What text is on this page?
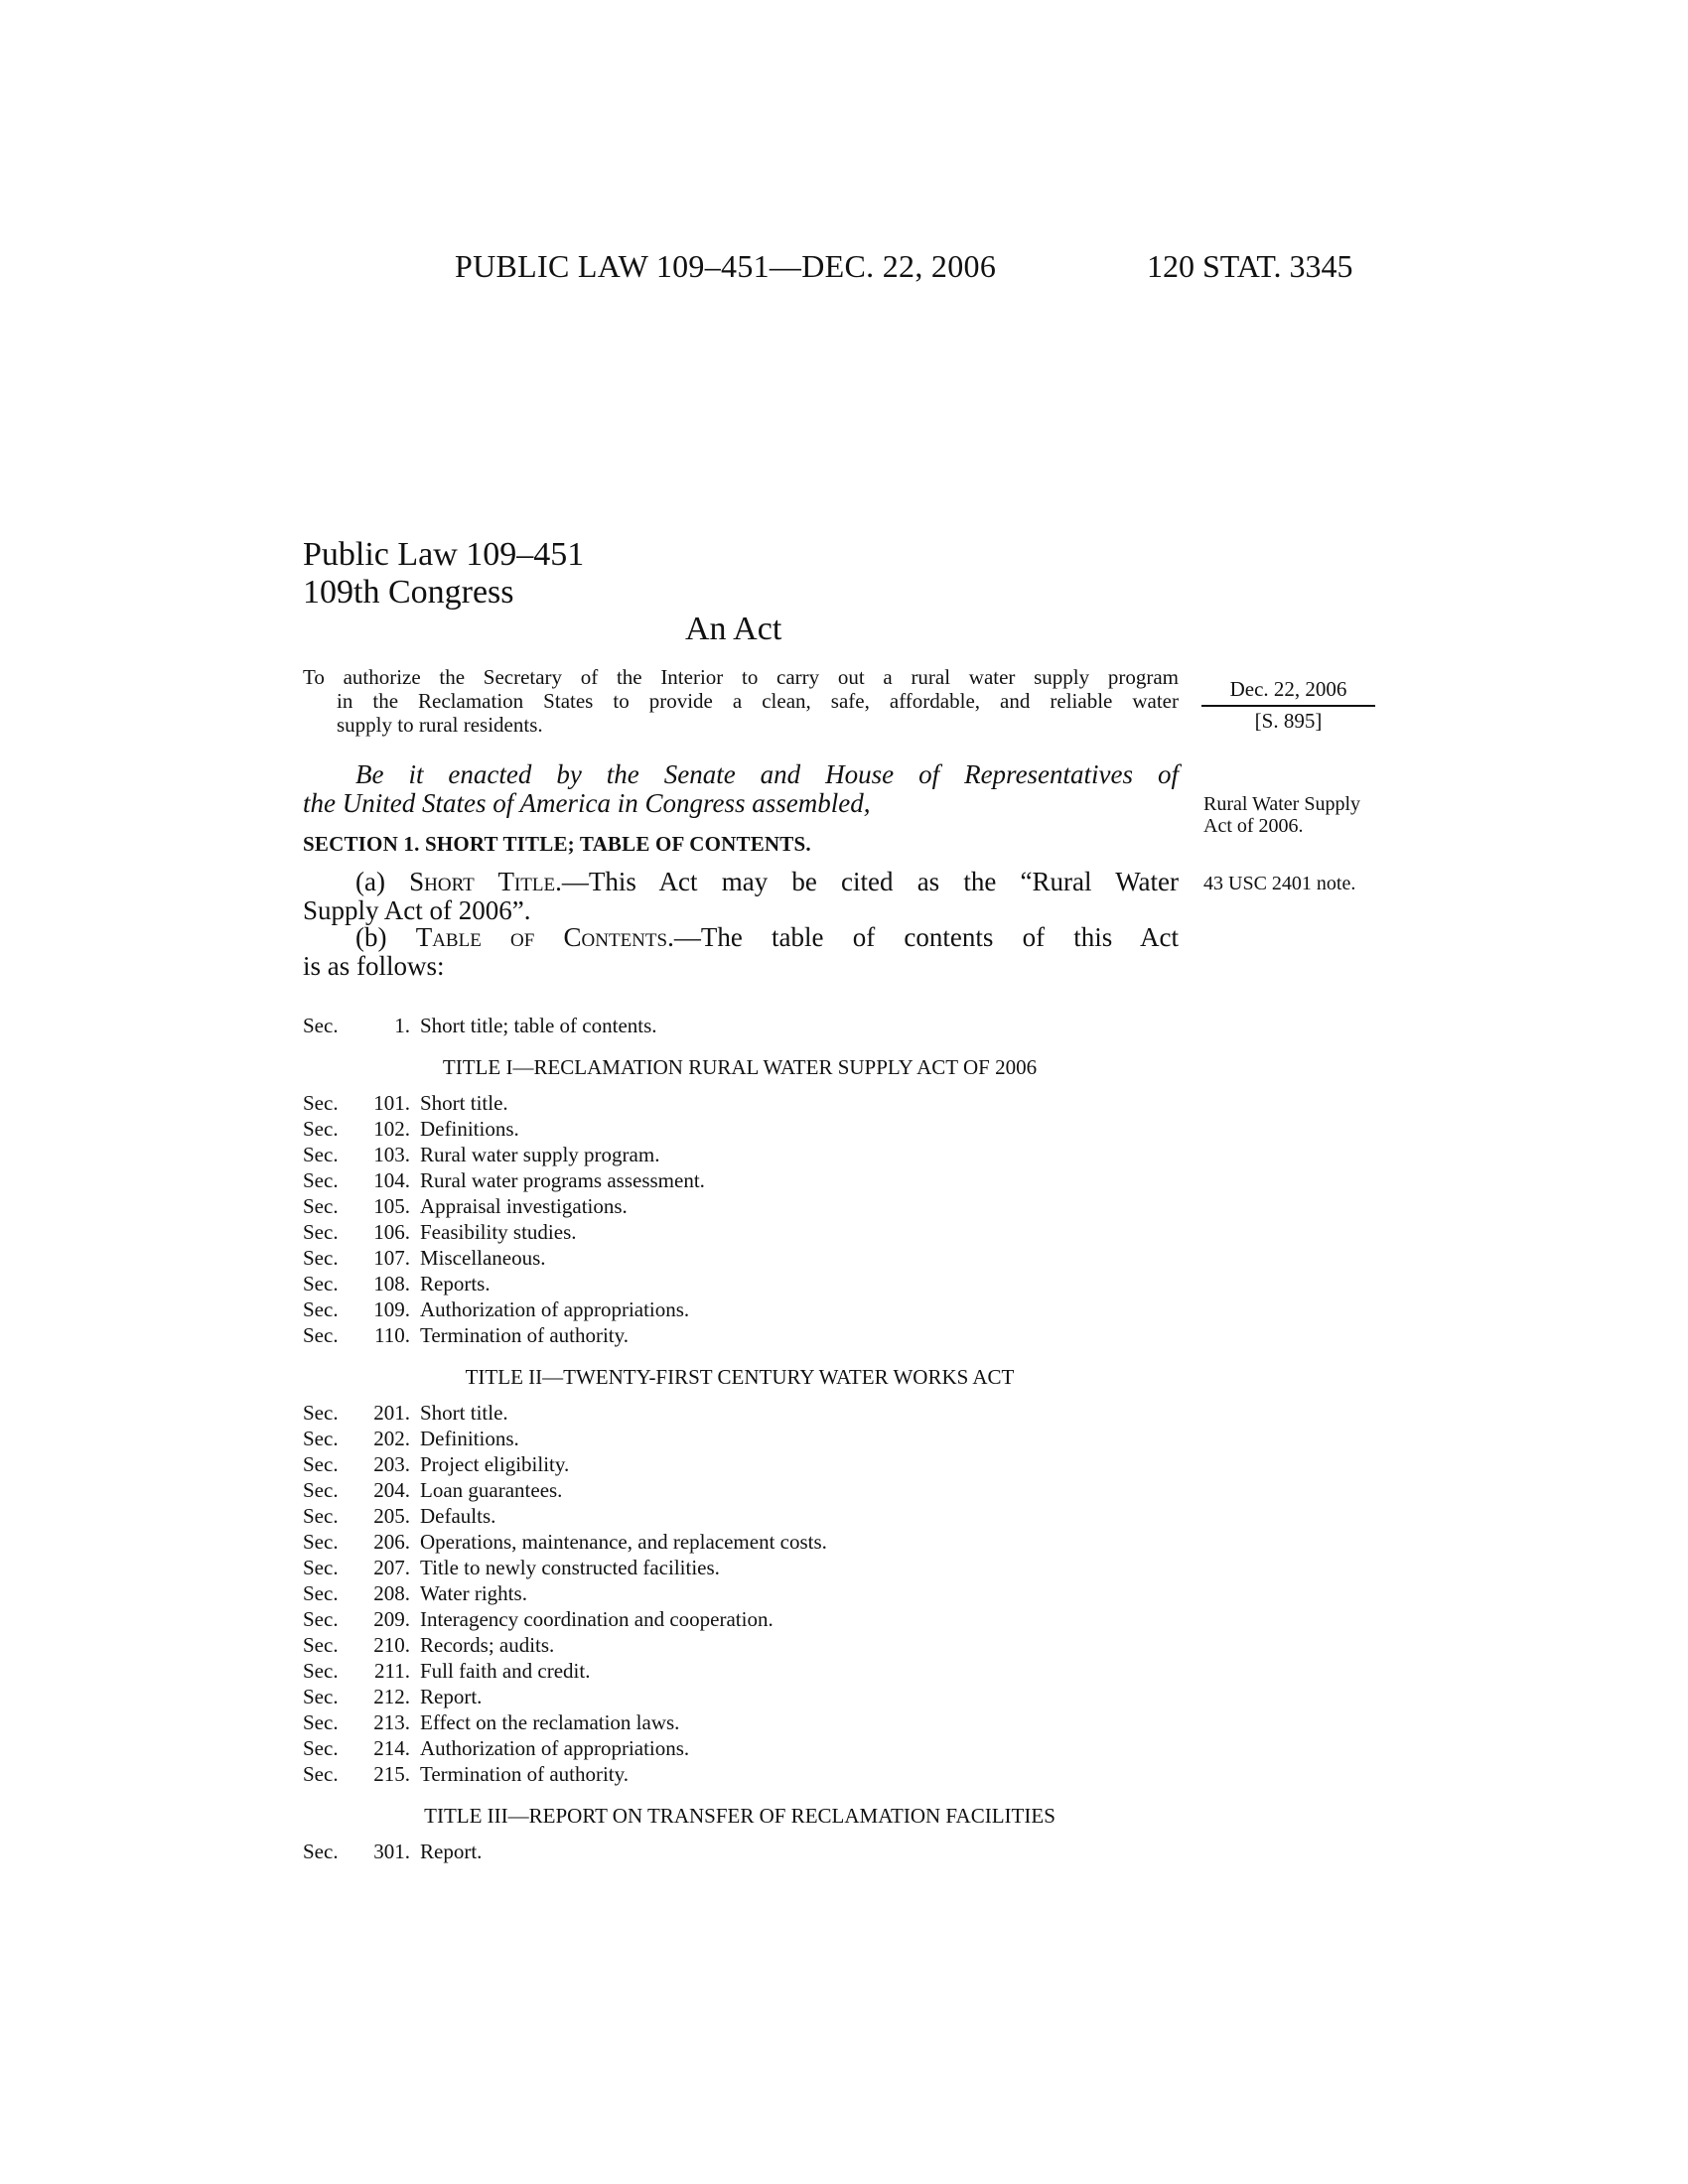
PUBLIC LAW 109–451—DEC. 22, 2006	120 STAT. 3345
Public Law 109–451
109th Congress
An Act
To authorize the Secretary of the Interior to carry out a rural water supply program
in the Reclamation States to provide a clean, safe, affordable, and reliable water
supply to rural residents.
Dec. 22, 2006
[S. 895]
Rural Water Supply Act of 2006.
43 USC 2401 note.
Be it enacted by the Senate and House of Representatives of
the United States of America in Congress assembled,
SECTION 1. SHORT TITLE; TABLE OF CONTENTS.
(a) Short Title.—This Act may be cited as the “Rural Water
Supply Act of 2006”.
(b) Table of Contents.—The table of contents of this Act
is as follows:
Sec.	1. Short title; table of contents.
TITLE I—RECLAMATION RURAL WATER SUPPLY ACT OF 2006
Sec.	101. Short title.
Sec.	102. Definitions.
Sec.	103. Rural water supply program.
Sec.	104. Rural water programs assessment.
Sec.	105. Appraisal investigations.
Sec.	106. Feasibility studies.
Sec.	107. Miscellaneous.
Sec.	108. Reports.
Sec.	109. Authorization of appropriations.
Sec.	110. Termination of authority.
TITLE II—TWENTY-FIRST CENTURY WATER WORKS ACT
Sec.	201. Short title.
Sec.	202. Definitions.
Sec.	203. Project eligibility.
Sec.	204. Loan guarantees.
Sec.	205. Defaults.
Sec.	206. Operations, maintenance, and replacement costs.
Sec.	207. Title to newly constructed facilities.
Sec.	208. Water rights.
Sec.	209. Interagency coordination and cooperation.
Sec.	210. Records; audits.
Sec.	211. Full faith and credit.
Sec.	212. Report.
Sec.	213. Effect on the reclamation laws.
Sec.	214. Authorization of appropriations.
Sec.	215. Termination of authority.
TITLE III—REPORT ON TRANSFER OF RECLAMATION FACILITIES
Sec.	301. Report.
